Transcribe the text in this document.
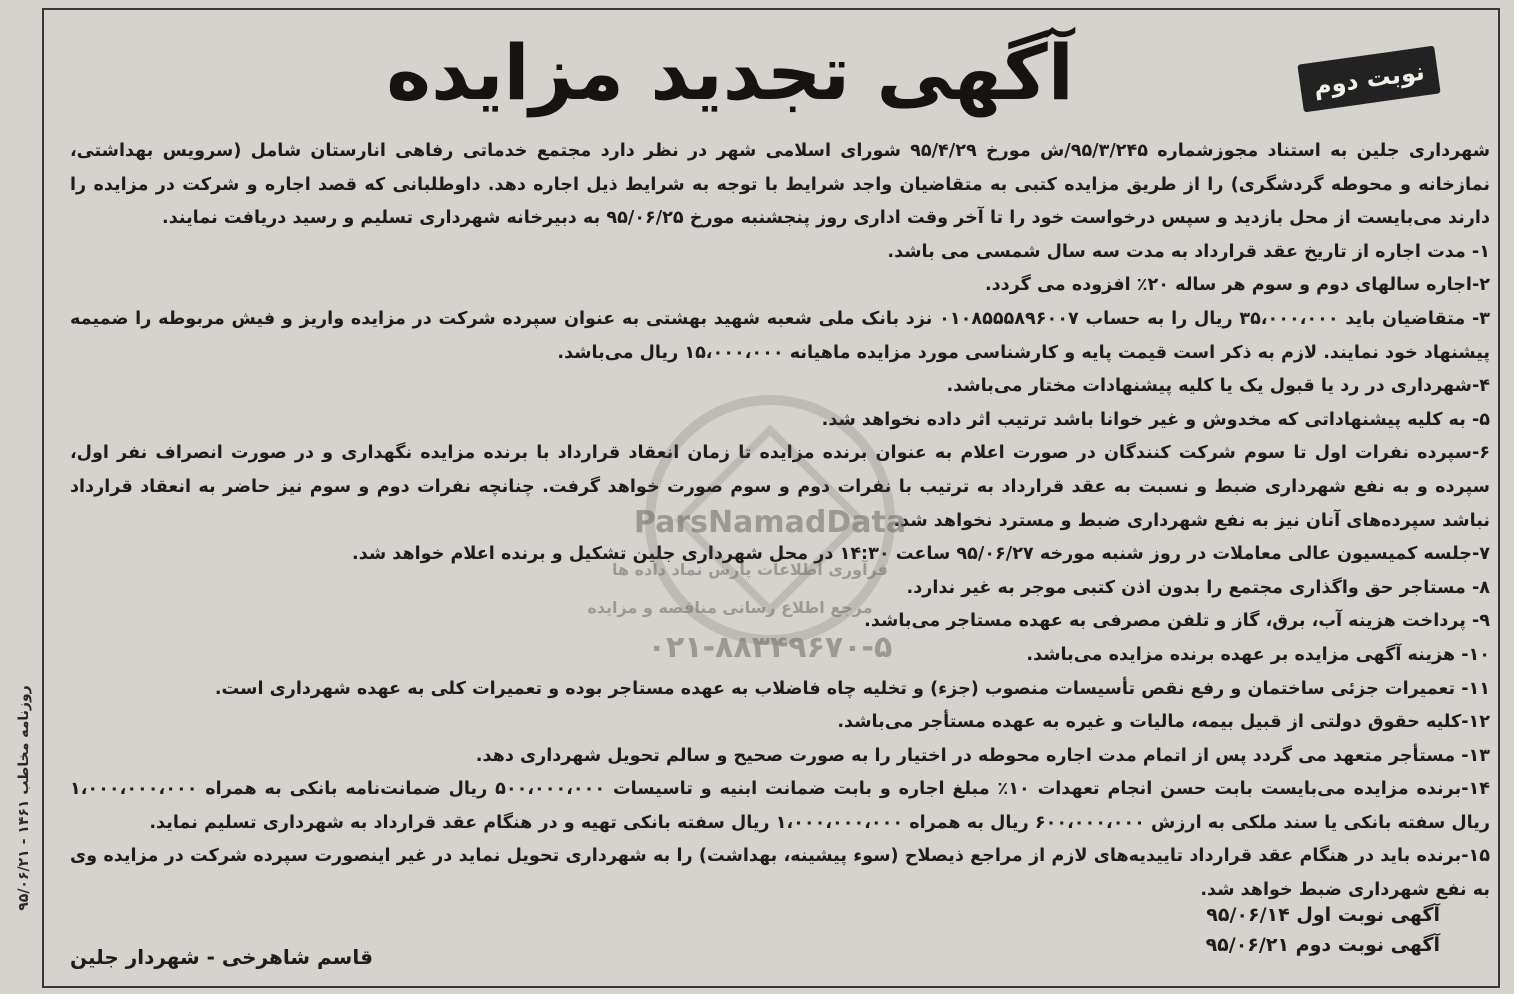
آگهی تجدید مزایده	نوبت دوم

شهرداری جلین به استناد مجوزشماره ۹۵/۳/۲۴۵/ش مورخ ۹۵/۴/۲۹ شورای اسلامی شهر در نظر دارد مجتمع خدماتی رفاهی انارستان شامل (سرویس بهداشتی، نمازخانه و محوطه گردشگری) را از طریق مزایده کتبی به متقاضیان واجد شرایط با توجه به شرایط ذیل اجاره دهد. داوطلبانی که قصد اجاره و شرکت در مزایده را دارند می‌بایست از محل بازدید و سپس درخواست خود را تا آخر وقت اداری روز پنجشنبه مورخ ۹۵/۰۶/۲۵ به دبیرخانه شهرداری تسلیم و رسید دریافت نمایند.

۱- مدت اجاره از تاریخ عقد قرارداد به مدت سه سال شمسی می باشد.

۲-اجاره سالهای دوم و سوم هر ساله ۲۰٪ افزوده می گردد.

۳- متقاضیان باید ۳۵،۰۰۰،۰۰۰ ریال را به حساب ۰۱۰۸۵۵۵۸۹۶۰۰۷ نزد بانک ملی شعبه شهید بهشتی به عنوان سپرده شرکت در مزایده واریز و فیش مربوطه را ضمیمه پیشنهاد خود نمایند. لازم به ذکر است قیمت پایه و کارشناسی مورد مزایده ماهیانه ۱۵،۰۰۰،۰۰۰ ریال می‌باشد.

۴-شهرداری در رد یا قبول یک یا کلیه پیشنهادات مختار می‌باشد.

۵- به کلیه پیشنهاداتی که مخدوش و غیر خوانا باشد ترتیب اثر داده نخواهد شد.

۶-سپرده نفرات اول تا سوم شرکت کنندگان در صورت اعلام به عنوان برنده مزایده تا زمان انعقاد قرارداد با برنده مزایده نگهداری و در صورت انصراف نفر اول، سپرده و به نفع شهرداری ضبط و نسبت به عقد قرارداد به ترتیب با نفرات دوم و سوم صورت خواهد گرفت. چنانچه نفرات دوم و سوم نیز حاضر به انعقاد قرارداد نباشد سپرده‌های آنان نیز به نفع شهرداری ضبط و مسترد نخواهد شد.

۷-جلسه کمیسیون عالی معاملات در روز شنبه مورخه ۹۵/۰۶/۲۷ ساعت ۱۴:۳۰ در محل شهرداری جلین تشکیل و برنده اعلام خواهد شد.

۸- مستاجر حق واگذاری مجتمع را بدون اذن کتبی موجر به غیر ندارد.

۹- پرداخت هزینه آب، برق، گاز و تلفن مصرفی به عهده مستاجر می‌باشد.

۱۰- هزینه آگهی مزایده بر عهده برنده مزایده می‌باشد.

۱۱- تعمیرات جزئی ساختمان و رفع نقص تأسیسات منصوب (جزء) و تخلیه چاه فاضلاب به عهده مستاجر بوده و تعمیرات کلی به عهده شهرداری است.

۱۲-کلیه حقوق دولتی از قبیل بیمه، مالیات و غیره به عهده مستأجر می‌باشد.

۱۳- مستأجر متعهد می گردد پس از اتمام مدت اجاره محوطه در اختیار را به صورت صحیح و سالم تحویل شهرداری دهد.

۱۴-برنده مزایده می‌بایست بابت حسن انجام تعهدات ۱۰٪ مبلغ اجاره و بابت ضمانت ابنیه و تاسیسات ۵۰۰،۰۰۰،۰۰۰ ریال ضمانت‌نامه بانکی به همراه ۱،۰۰۰،۰۰۰،۰۰۰ ریال سفته بانکی یا سند ملکی به ارزش ۶۰۰،۰۰۰،۰۰۰ ریال به همراه ۱،۰۰۰،۰۰۰،۰۰۰ ریال سفته بانکی تهیه و در هنگام عقد قرارداد به شهرداری تسلیم نماید.

۱۵-برنده باید در هنگام عقد قرارداد تاییدیه‌های لازم از مراجع ذیصلاح (سوء پیشینه، بهداشت) را به شهرداری تحویل نماید در غیر اینصورت سپرده شرکت در مزایده وی به نفع شهرداری ضبط خواهد شد.

آگهی نوبت اول ۹۵/۰۶/۱۴
آگهی نوبت دوم ۹۵/۰۶/۲۱
قاسم شاهرخی - شهردار جلین
روزنامه مخاطب ۱۴۶۱ - ۹۵/۰۶/۲۱
ParsNamadData
فرآوری اطلاعات پارس نماد داده ها
مرجع اطلاع رسانی مناقصه و مزایده
۰۲۱-۸۸۳۴۹۶۷۰-۵
